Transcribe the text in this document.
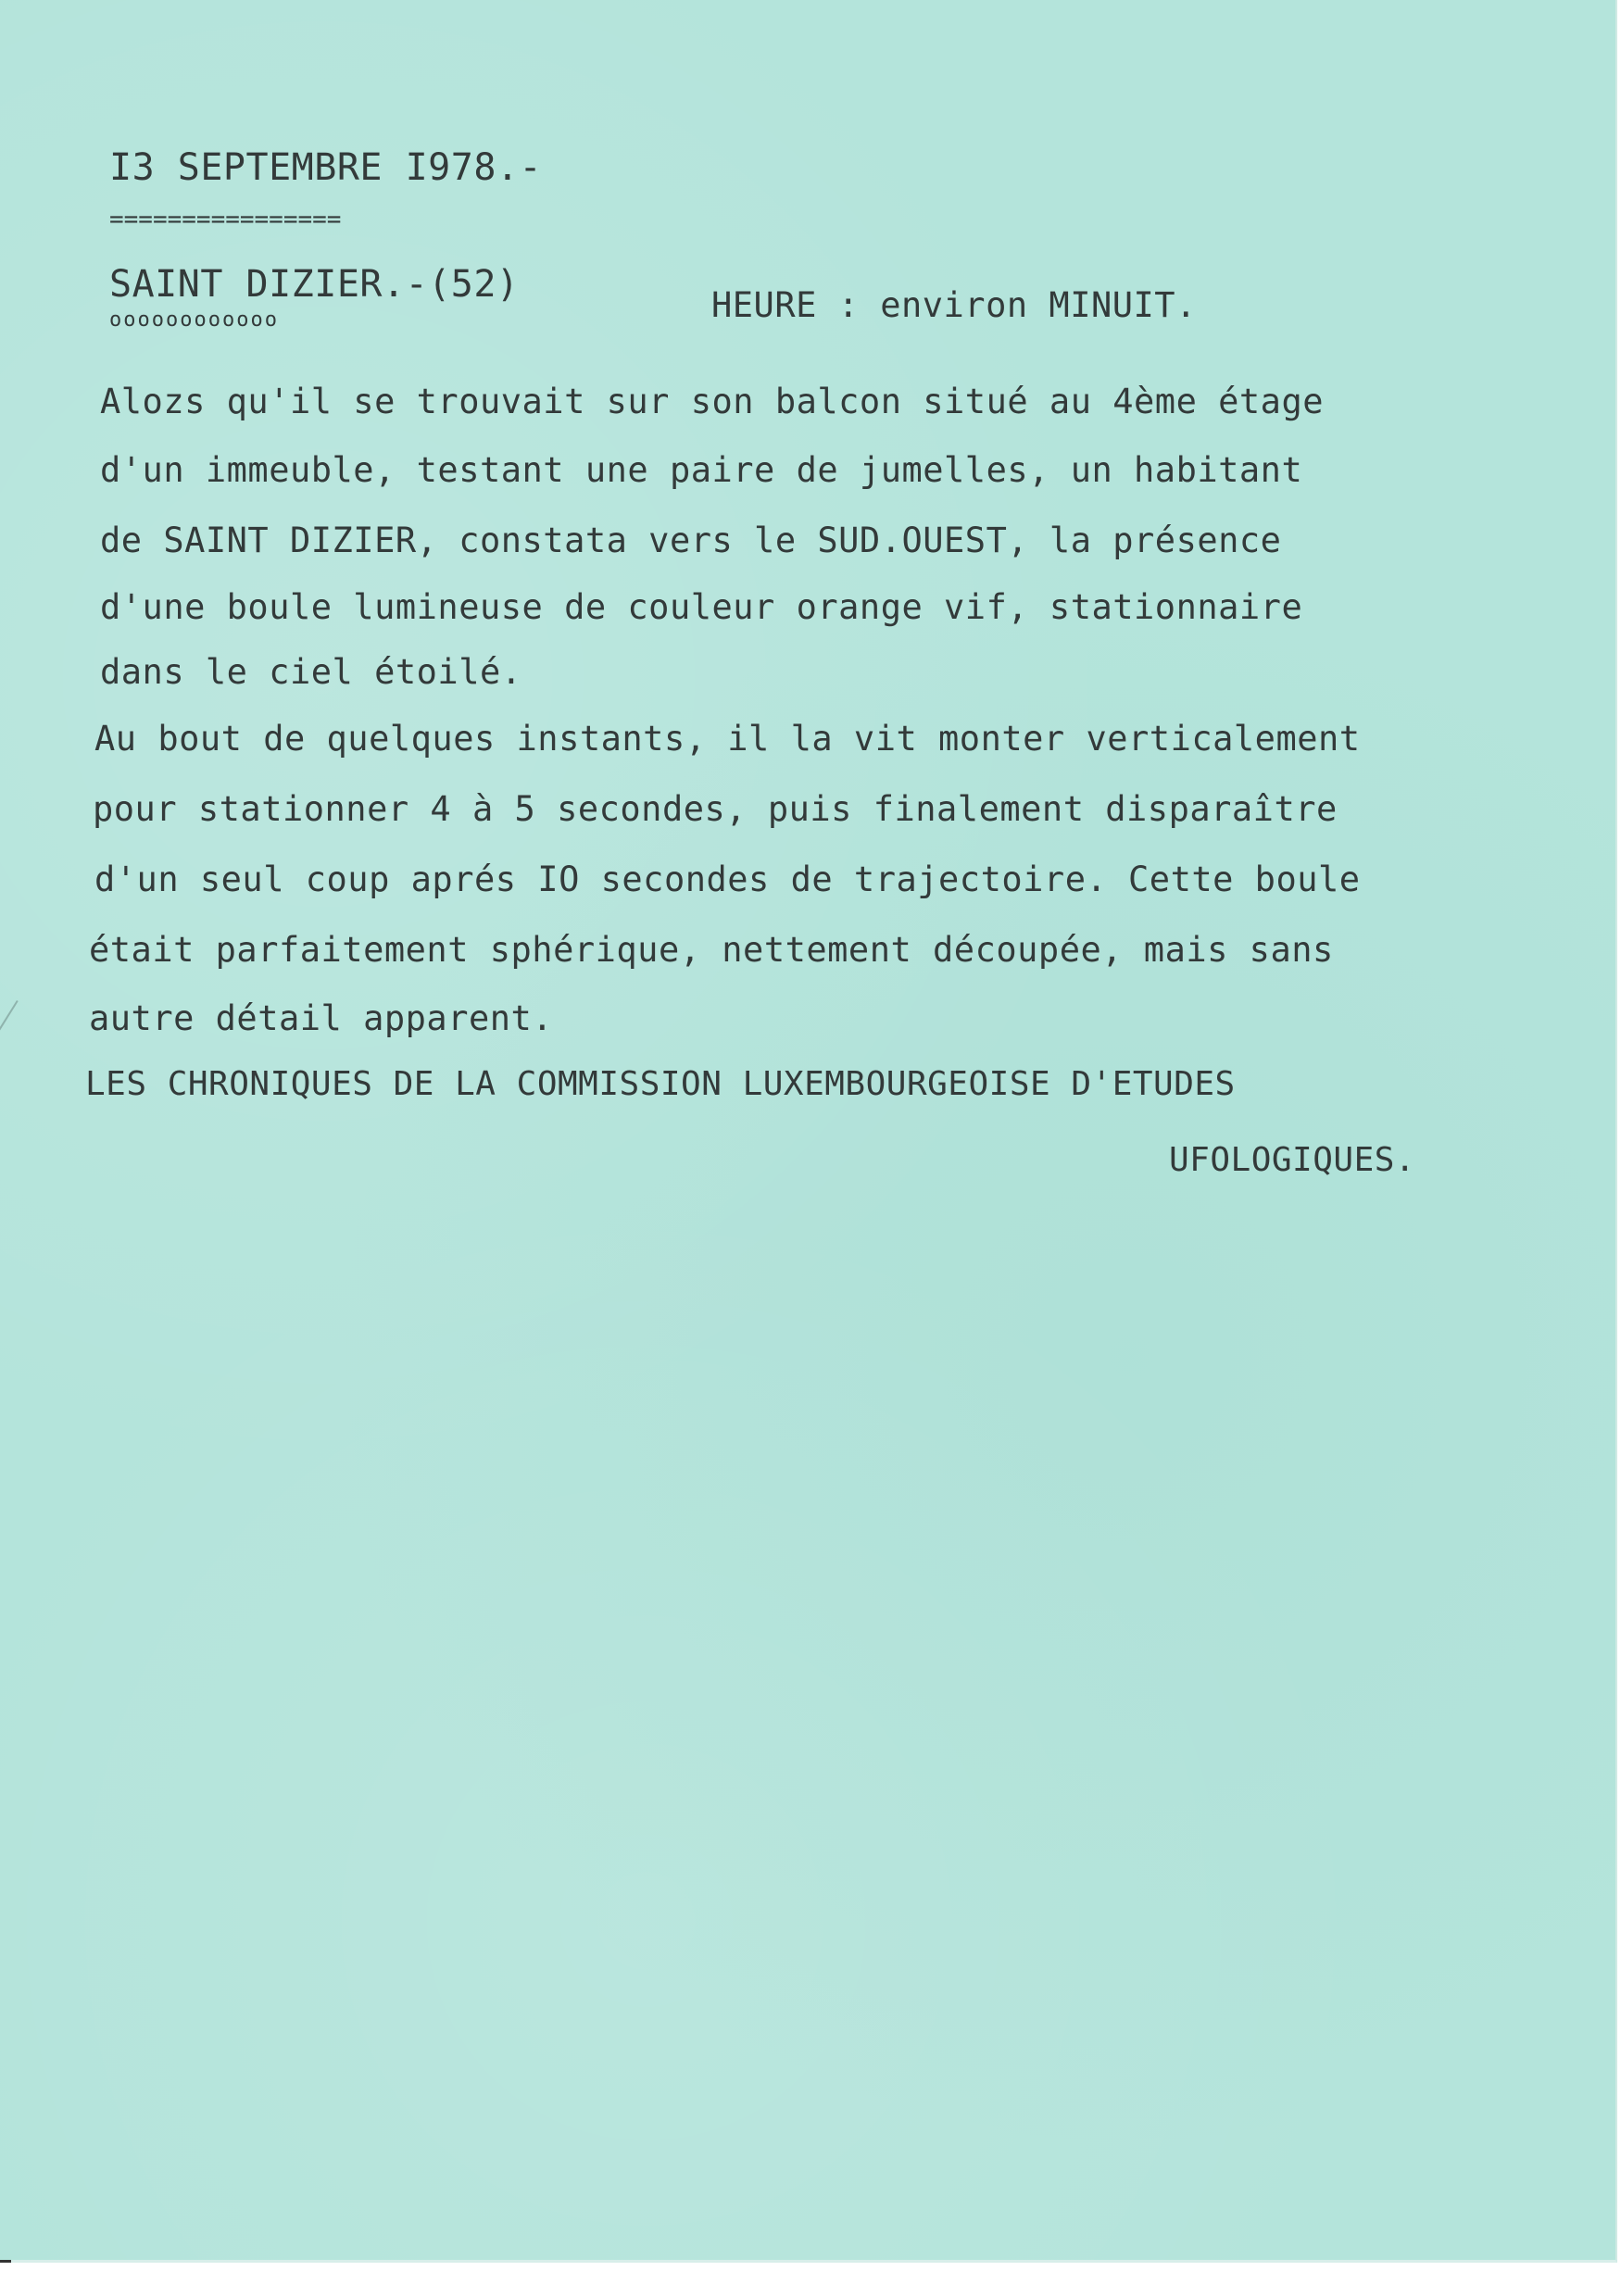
I3 SEPTEMBRE I978.-
================
SAINT DIZIER.-(52)
oooooooooooo	HEURE : environ MINUIT.
Alozs qu'il se trouvait sur son balcon situé au 4ème étage
d'un immeuble, testant une paire de jumelles, un habitant
de SAINT DIZIER, constata vers le SUD.OUEST, la présence
d'une boule lumineuse de couleur orange vif, stationnaire
dans le ciel étoilé.
Au bout de quelques instants, il la vit monter verticalement
pour stationner 4 à 5 secondes, puis finalement disparaître
d'un seul coup aprés IO secondes de trajectoire. Cette boule
était parfaitement sphérique, nettement découpée, mais sans
autre détail apparent.
LES CHRONIQUES DE LA COMMISSION LUXEMBOURGEOISE D'ETUDES
UFOLOGIQUES.
